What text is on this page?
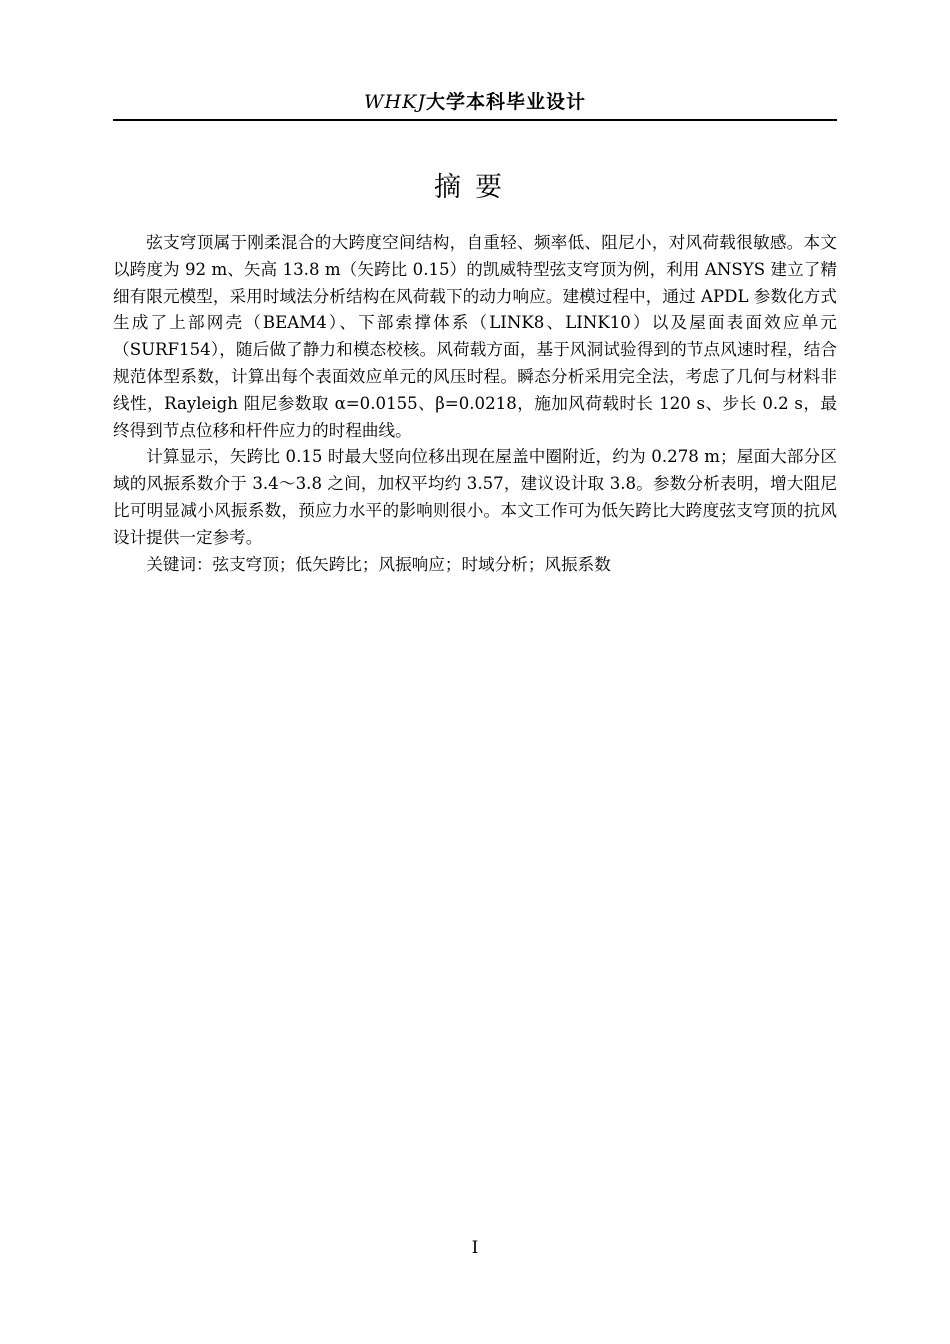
WHKJ大学本科毕业设计
摘要

弦支穹顶属于刚柔混合的大跨度空间结构，自重轻、频率低、阻尼小，对风荷载很敏感。本文以跨度为 92 m、矢高 13.8 m（矢跨比 0.15）的凯威特型弦支穹顶为例，利用 ANSYS 建立了精细有限元模型，采用时域法分析结构在风荷载下的动力响应。建模过程中，通过 APDL 参数化方式生成了上部网壳（BEAM4）、下部索撑体系（LINK8、LINK10）以及屋面表面效应单元（SURF154），随后做了静力和模态校核。风荷载方面，基于风洞试验得到的节点风速时程，结合规范体型系数，计算出每个表面效应单元的风压时程。瞬态分析采用完全法，考虑了几何与材料非线性，Rayleigh 阻尼参数取 α=0.0155、β=0.0218，施加风荷载时长 120 s、步长 0.2 s，最终得到节点位移和杆件应力的时程曲线。

计算显示，矢跨比 0.15 时最大竖向位移出现在屋盖中圈附近，约为 0.278 m；屋面大部分区域的风振系数介于 3.4～3.8 之间，加权平均约 3.57，建议设计取 3.8。参数分析表明，增大阻尼比可明显减小风振系数，预应力水平的影响则很小。本文工作可为低矢跨比大跨度弦支穹顶的抗风设计提供一定参考。

关键词：弦支穹顶；低矢跨比；风振响应；时域分析；风振系数

I
